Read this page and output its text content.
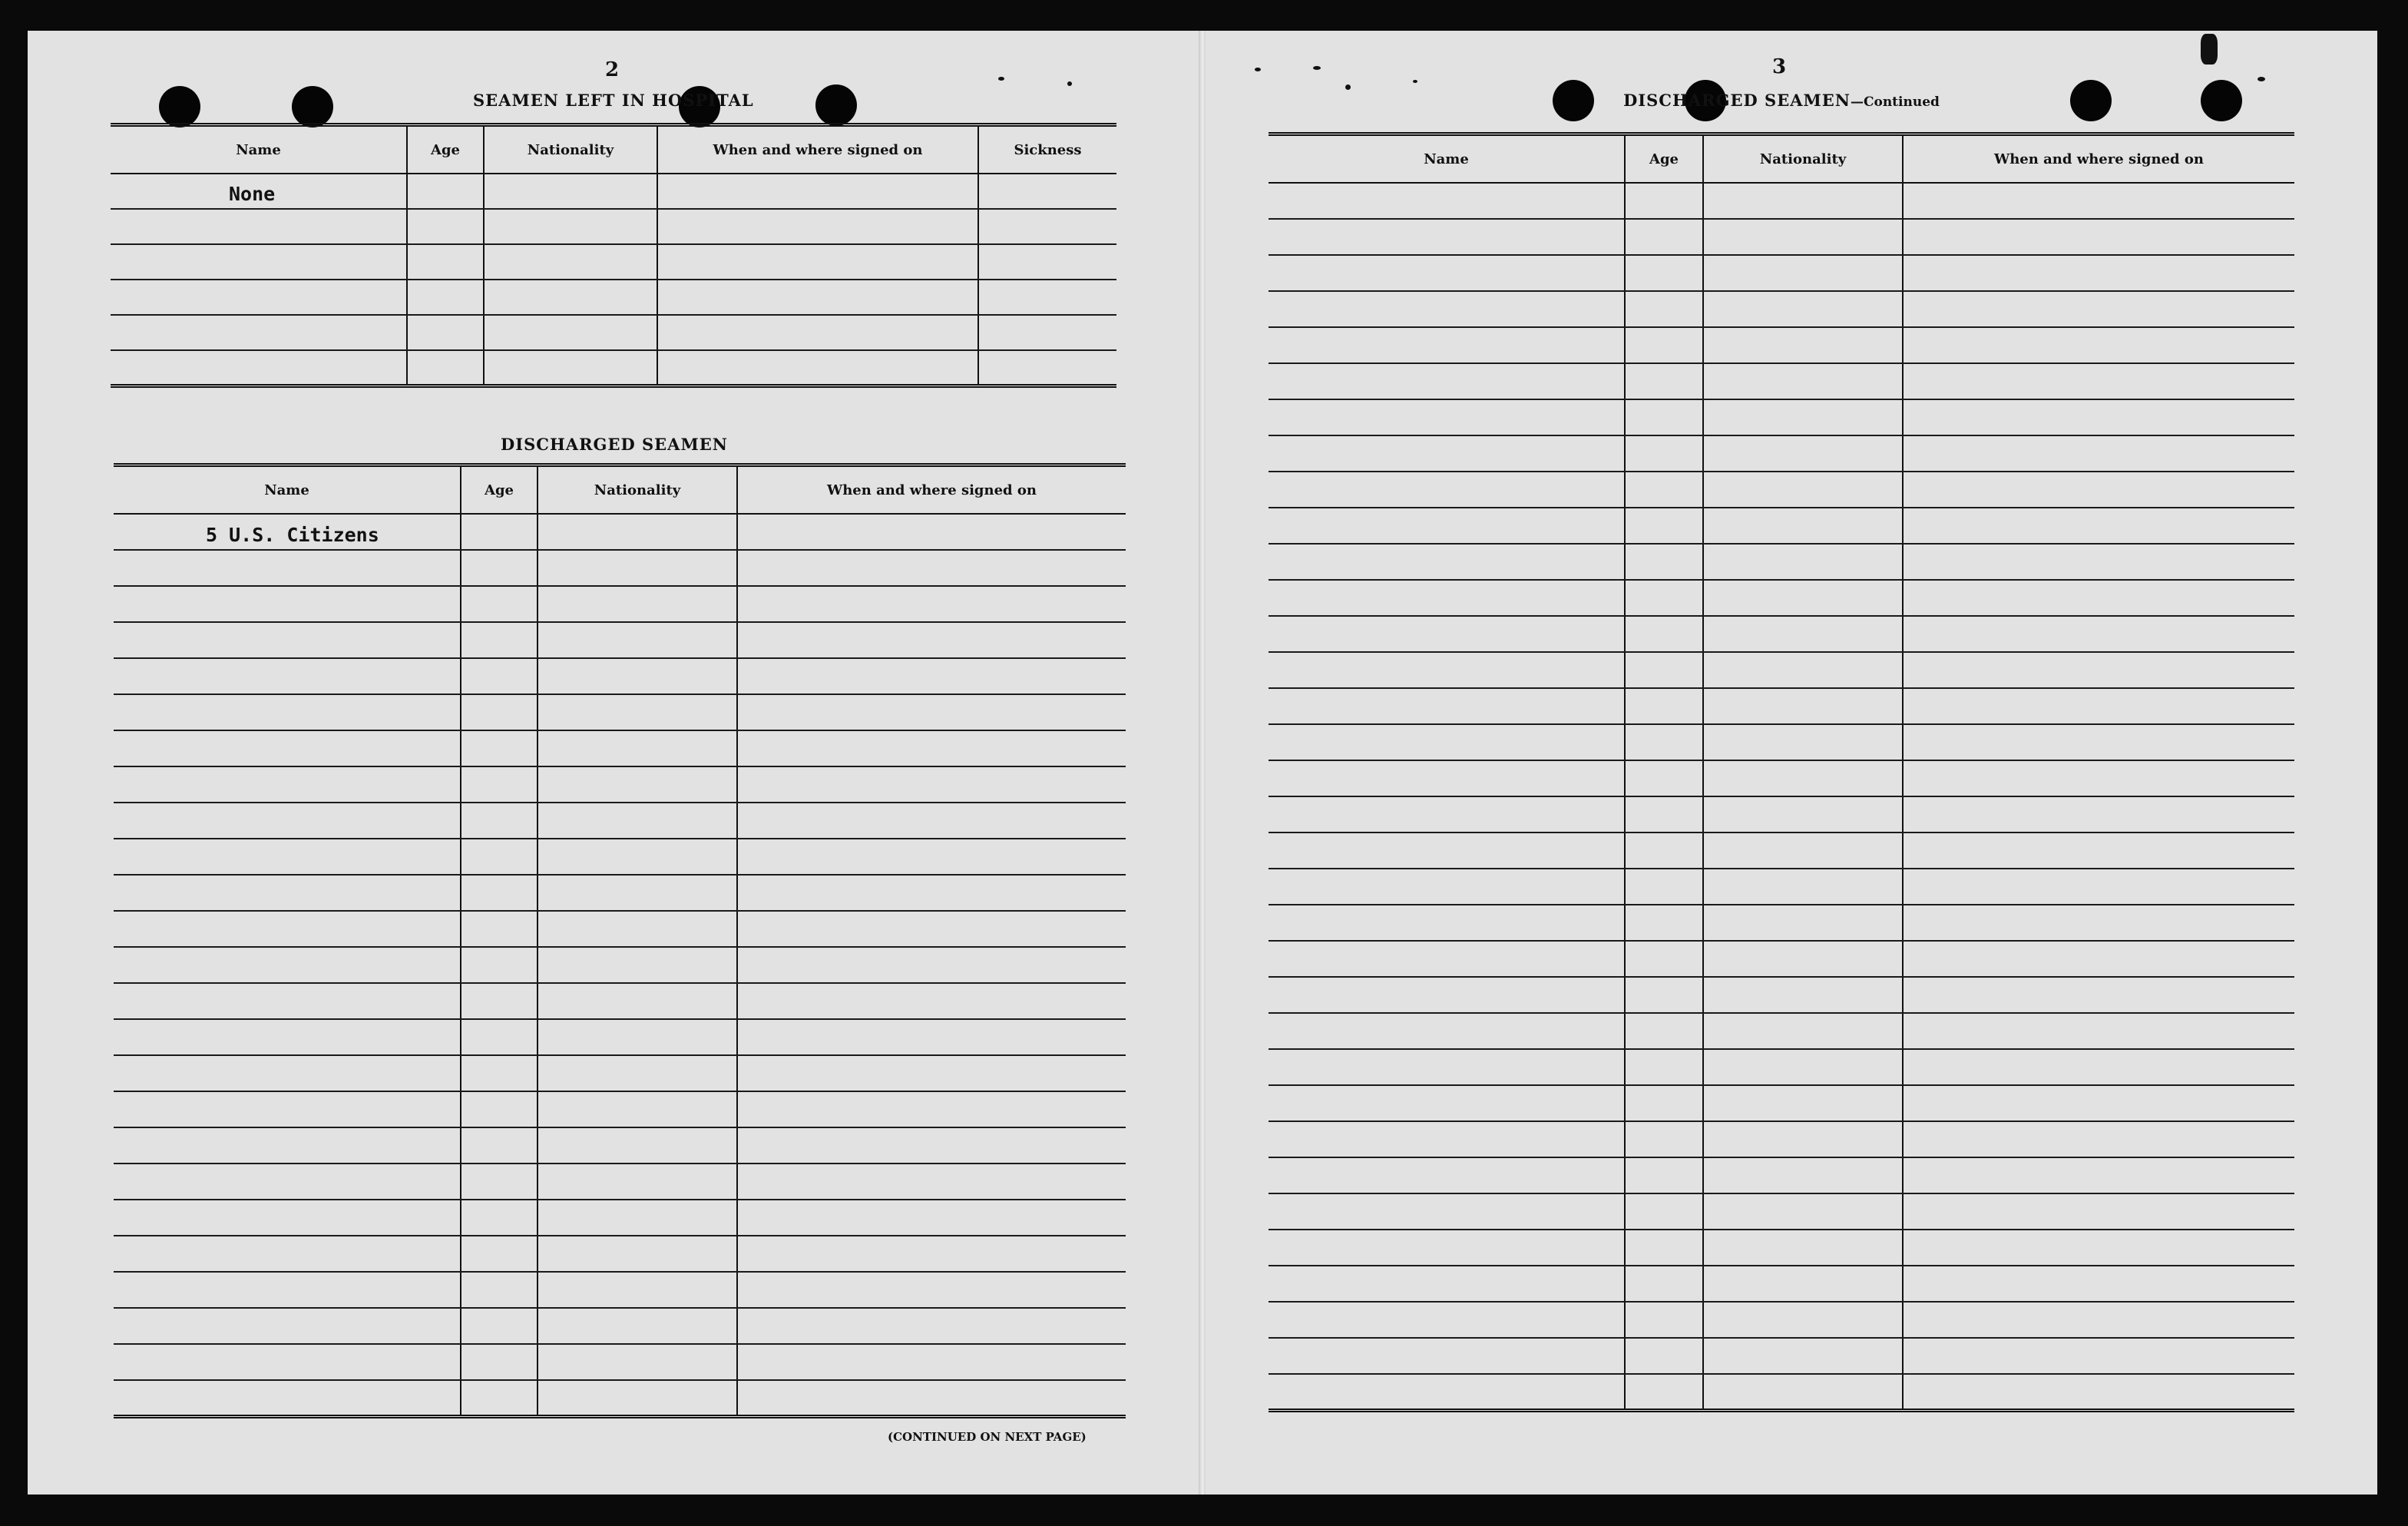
2
SEAMEN LEFT IN HOSPITAL
Name	Age	Nationality	When and where signed on	Sickness
None				

DISCHARGED SEAMEN
Name	Age	Nationality	When and where signed on
5 U.S. Citizens			

(CONTINUED ON NEXT PAGE)
3
DISCHARGED SEAMEN—Continued
Name	Age	Nationality	When and where signed on
